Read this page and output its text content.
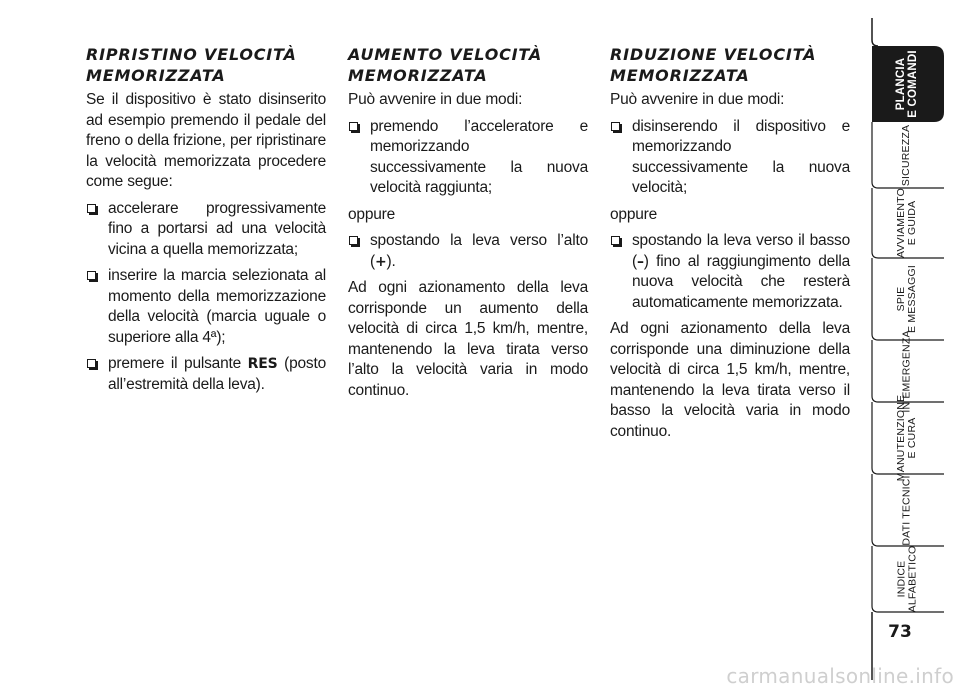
RIPRISTINO VELOCITÀ
MEMORIZZATA
Se il dispositivo è stato disinserito ad esempio premendo il pedale del freno o della frizione, per ripristinare la velocità memorizzata procedere come segue:
accelerare progressivamente fino a portarsi ad una velocità vicina a quella memorizzata;
inserire la marcia selezionata al momento della memorizzazione della velocità (marcia uguale o superiore alla 4ª);
premere il pulsante RES (posto all’estremità della leva).
AUMENTO VELOCITÀ
MEMORIZZATA
Può avvenire in due modi:
premendo l’acceleratore e memorizzando successivamente la nuova velocità raggiunta;
oppure
spostando la leva verso l’alto (+).
Ad ogni azionamento della leva corrisponde un aumento della velocità di circa 1,5 km/h, mentre, mantenendo la leva tirata verso l’alto la velocità varia in modo continuo.
RIDUZIONE VELOCITÀ
MEMORIZZATA
Può avvenire in due modi:
disinserendo il dispositivo e memorizzando successivamente la nuova velocità;
oppure
spostando la leva verso il basso (–) fino al raggiungimento della nuova velocità che resterà automaticamente memorizzata.
Ad ogni azionamento della leva corrisponde una diminuzione della velocità di circa 1,5 km/h, mentre, mantenendo la leva tirata verso il basso la velocità varia in modo continuo.
PLANCIA E COMANDI
SICUREZZA
AVVIAMENTO E GUIDA
SPIE E MESSAGGI
IN EMERGENZA
MANUTENZIONE E CURA
DATI TECNICI
INDICE ALFABETICO
73
carmanualsonline.info
